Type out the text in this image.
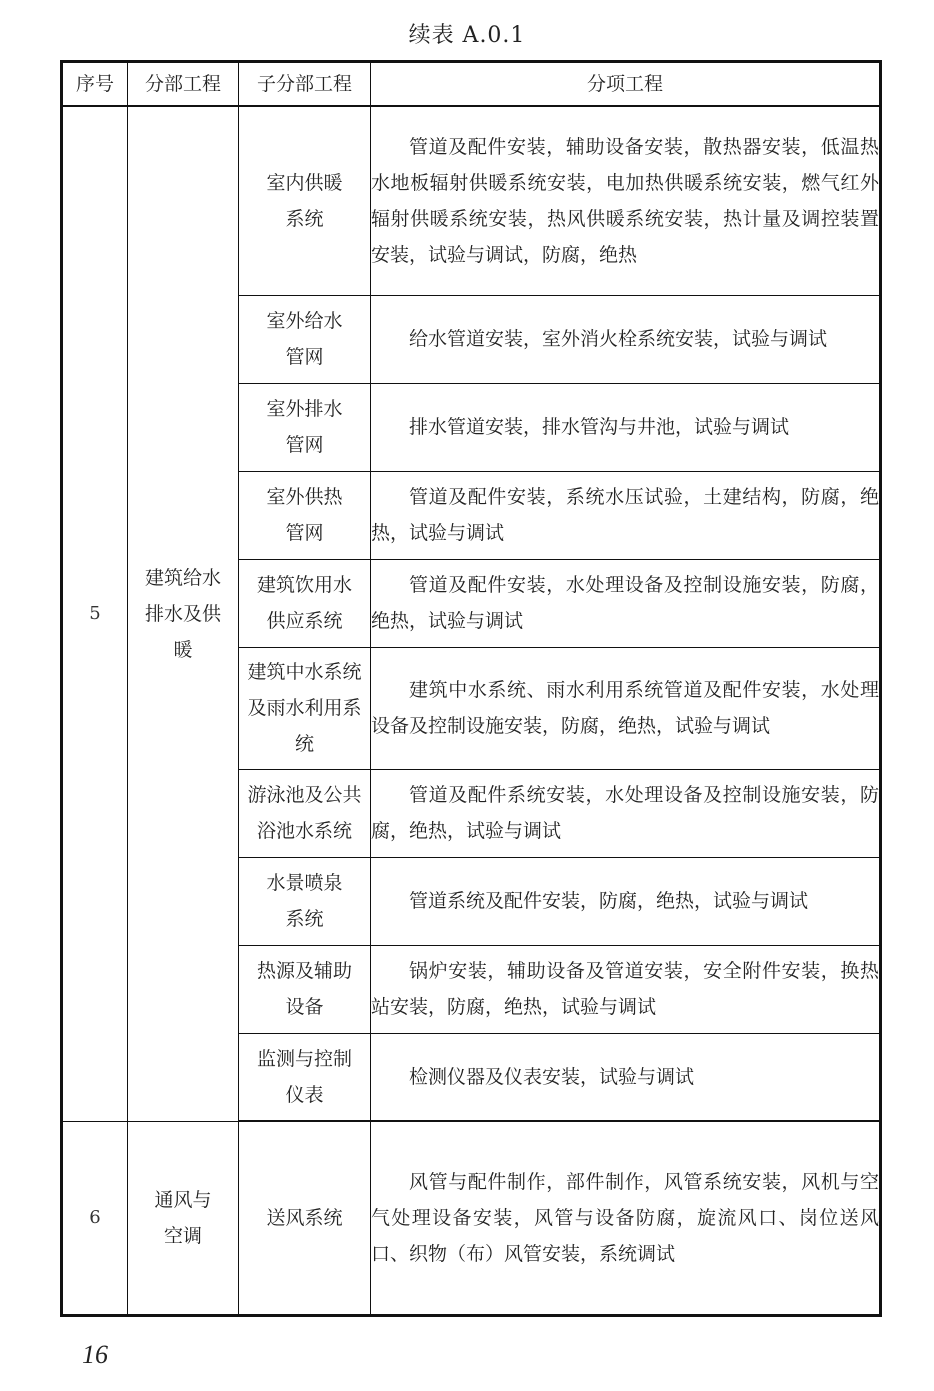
续表 A.0.1
序号	分部工程	子分部工程	分项工程
5	建筑给水排水及供暖	室内供暖系统	管道及配件安装，辅助设备安装，散热器安装，低温热水地板辐射供暖系统安装，电加热供暖系统安装，燃气红外辐射供暖系统安装，热风供暖系统安装，热计量及调控装置安装，试验与调试，防腐，绝热
		室外给水管网	给水管道安装，室外消火栓系统安装，试验与调试
		室外排水管网	排水管道安装，排水管沟与井池，试验与调试
		室外供热管网	管道及配件安装，系统水压试验，土建结构，防腐，绝热，试验与调试
		建筑饮用水供应系统	管道及配件安装，水处理设备及控制设施安装，防腐，绝热，试验与调试
		建筑中水系统及雨水利用系统	建筑中水系统、雨水利用系统管道及配件安装，水处理设备及控制设施安装，防腐，绝热，试验与调试
		游泳池及公共浴池水系统	管道及配件系统安装，水处理设备及控制设施安装，防腐，绝热，试验与调试
		水景喷泉系统	管道系统及配件安装，防腐，绝热，试验与调试
		热源及辅助设备	锅炉安装，辅助设备及管道安装，安全附件安装，换热站安装，防腐，绝热，试验与调试
		监测与控制仪表	检测仪器及仪表安装，试验与调试
6	通风与空调	送风系统	风管与配件制作，部件制作，风管系统安装，风机与空气处理设备安装，风管与设备防腐，旋流风口、岗位送风口、织物（布）风管安装，系统调试
16
